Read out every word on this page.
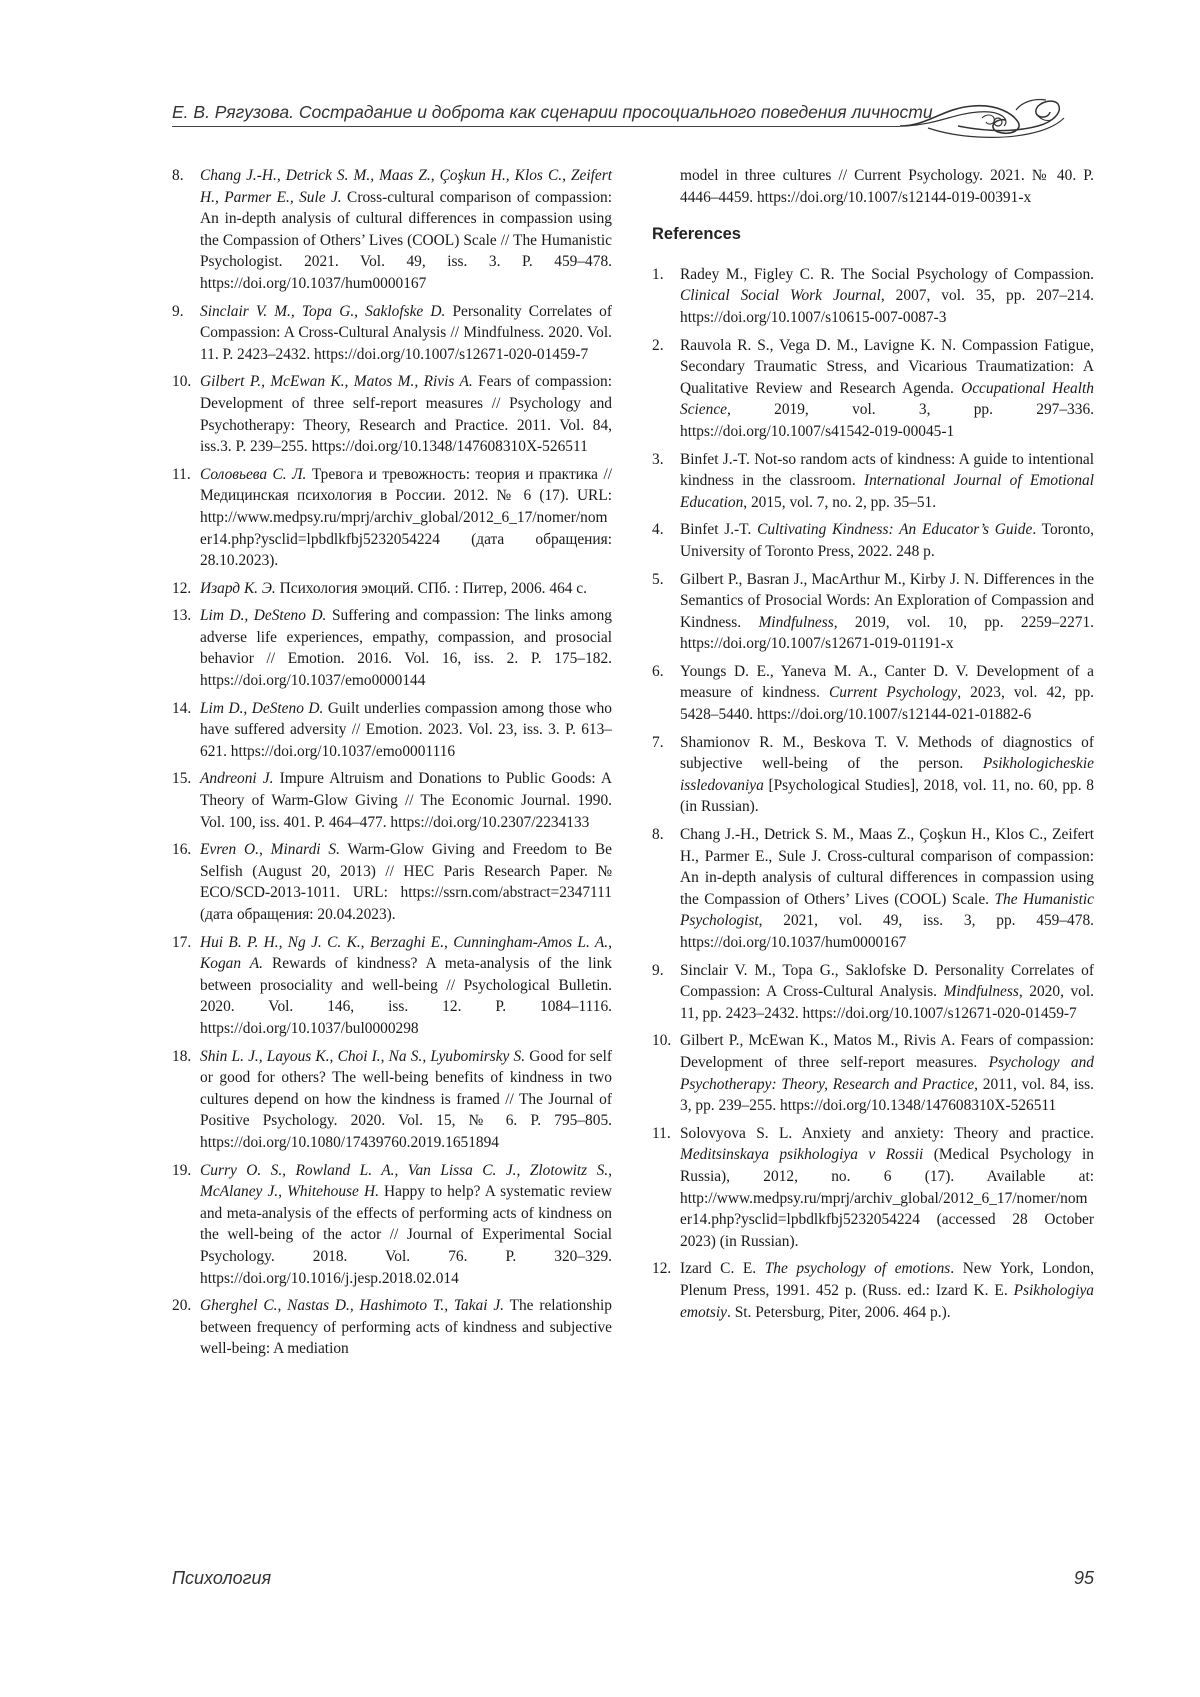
Е. В. Рягузова. Сострадание и доброта как сценарии просоциального поведения личности
8.	Chang J.-H., Detrick S. M., Maas Z., Çoşkun H., Klos C., Zeifert H., Parmer E., Sule J. Cross-cultural comparison of compassion: An in-depth analysis of cultural differences in compassion using the Compassion of Others’ Lives (COOL) Scale // The Humanistic Psychologist. 2021. Vol. 49, iss. 3. P. 459–478. https://doi.org/10.1037/hum0000167
9.	Sinclair V. M., Topa G., Saklofske D. Personality Correlates of Compassion: A Cross-Cultural Analysis // Mindfulness. 2020. Vol. 11. P. 2423–2432. https://doi.org/10.1007/s12671-020-01459-7
10. Gilbert P., McEwan K., Matos M., Rivis A. Fears of compassion: Development of three self-report measures // Psychology and Psychotherapy: Theory, Research and Practice. 2011. Vol. 84, iss.3. P. 239–255. https://doi.org/10.1348/147608310X-526511
11. Соловьева С. Л. Тревога и тревожность: теория и практика // Медицинская психология в России. 2012. № 6 (17). URL: http://www.medpsy.ru/mprj/archiv_global/2012_6_17/nomer/nomer14.php?ysclid=lpbdlkfbj5232054224 (дата обращения: 28.10.2023).
12. Изард К. Э. Психология эмоций. СПб. : Питер, 2006. 464 с.
13. Lim D., DeSteno D. Suffering and compassion: The links among adverse life experiences, empathy, compassion, and prosocial behavior // Emotion. 2016. Vol. 16, iss. 2. P. 175–182. https://doi.org/10.1037/emo0000144
14. Lim D., DeSteno D. Guilt underlies compassion among those who have suffered adversity // Emotion. 2023. Vol. 23, iss. 3. P. 613–621. https://doi.org/10.1037/emo0001116
15. Andreoni J. Impure Altruism and Donations to Public Goods: A Theory of Warm-Glow Giving // The Economic Journal. 1990. Vol. 100, iss. 401. P. 464–477. https://doi.org/10.2307/2234133
16. Evren O., Minardi S. Warm-Glow Giving and Freedom to Be Selfish (August 20, 2013) // HEC Paris Research Paper. № ECO/SCD-2013-1011. URL: https://ssrn.com/abstract=2347111 (дата обращения: 20.04.2023).
17. Hui B. P. H., Ng J. C. K., Berzaghi E., Cunningham-Amos L. A., Kogan A. Rewards of kindness? A meta-analysis of the link between prosociality and well-being // Psychological Bulletin. 2020. Vol. 146, iss. 12. P. 1084–1116. https://doi.org/10.1037/bul0000298
18. Shin L. J., Layous K., Choi I., Na S., Lyubomirsky S. Good for self or good for others? The well-being benefits of kindness in two cultures depend on how the kindness is framed // The Journal of Positive Psychology. 2020. Vol. 15, № 6. P. 795–805. https://doi.org/10.1080/17439760.2019.1651894
19. Curry O. S., Rowland L. A., Van Lissa C. J., Zlotowitz S., McAlaney J., Whitehouse H. Happy to help? A systematic review and meta-analysis of the effects of performing acts of kindness on the well-being of the actor // Journal of Experimental Social Psychology. 2018. Vol. 76. P. 320–329. https://doi.org/10.1016/j.jesp.2018.02.014
20. Gherghel C., Nastas D., Hashimoto T., Takai J. The relationship between frequency of performing acts of kindness and subjective well-being: A mediation
model in three cultures // Current Psychology. 2021. № 40. P. 4446–4459. https://doi.org/10.1007/s12144-019-00391-x
References
1.	Radey M., Figley C. R. The Social Psychology of Compassion. Clinical Social Work Journal, 2007, vol. 35, pp. 207–214. https://doi.org/10.1007/s10615-007-0087-3
2.	Rauvola R. S., Vega D. M., Lavigne K. N. Compassion Fatigue, Secondary Traumatic Stress, and Vicarious Traumatization: A Qualitative Review and Research Agenda. Occupational Health Science, 2019, vol. 3, pp. 297–336. https://doi.org/10.1007/s41542-019-00045-1
3.	Binfet J.-T. Not-so random acts of kindness: A guide to intentional kindness in the classroom. International Journal of Emotional Education, 2015, vol. 7, no. 2, pp. 35–51.
4.	Binfet J.-T. Cultivating Kindness: An Educator’s Guide. Toronto, University of Toronto Press, 2022. 248 p.
5.	Gilbert P., Basran J., MacArthur M., Kirby J. N. Differences in the Semantics of Prosocial Words: An Exploration of Compassion and Kindness. Mindfulness, 2019, vol. 10, pp. 2259–2271. https://doi.org/10.1007/s12671-019-01191-x
6.	Youngs D. E., Yaneva M. A., Canter D. V. Development of a measure of kindness. Current Psychology, 2023, vol. 42, pp. 5428–5440. https://doi.org/10.1007/s12144-021-01882-6
7.	Shamionov R. M., Beskova T. V. Methods of diagnostics of subjective well-being of the person. Psikhologicheskie issledovaniya [Psychological Studies], 2018, vol. 11, no. 60, pp. 8 (in Russian).
8.	Chang J.-H., Detrick S. M., Maas Z., Çoşkun H., Klos C., Zeifert H., Parmer E., Sule J. Cross-cultural comparison of compassion: An in-depth analysis of cultural differences in compassion using the Compassion of Others’ Lives (COOL) Scale. The Humanistic Psychologist, 2021, vol. 49, iss. 3, pp. 459–478. https://doi.org/10.1037/hum0000167
9.	Sinclair V. M., Topa G., Saklofske D. Personality Correlates of Compassion: A Cross-Cultural Analysis. Mindfulness, 2020, vol. 11, pp. 2423–2432. https://doi.org/10.1007/s12671-020-01459-7
10. Gilbert P., McEwan K., Matos M., Rivis A. Fears of compassion: Development of three self-report measures. Psychology and Psychotherapy: Theory, Research and Practice, 2011, vol. 84, iss. 3, pp. 239–255. https://doi.org/10.1348/147608310X-526511
11. Solovyova S. L. Anxiety and anxiety: Theory and practice. Meditsinskaya psikhologiya v Rossii (Medical Psychology in Russia), 2012, no. 6 (17). Available at: http://www.medpsy.ru/mprj/archiv_global/2012_6_17/nomer/nomer14.php?ysclid=lpbdlkfbj5232054224 (accessed 28 October 2023) (in Russian).
12. Izard C. E. The psychology of emotions. New York, London, Plenum Press, 1991. 452 p. (Russ. ed.: Izard K. E. Psikhologiya emotsiy. St. Petersburg, Piter, 2006. 464 p.).
Психология	95
